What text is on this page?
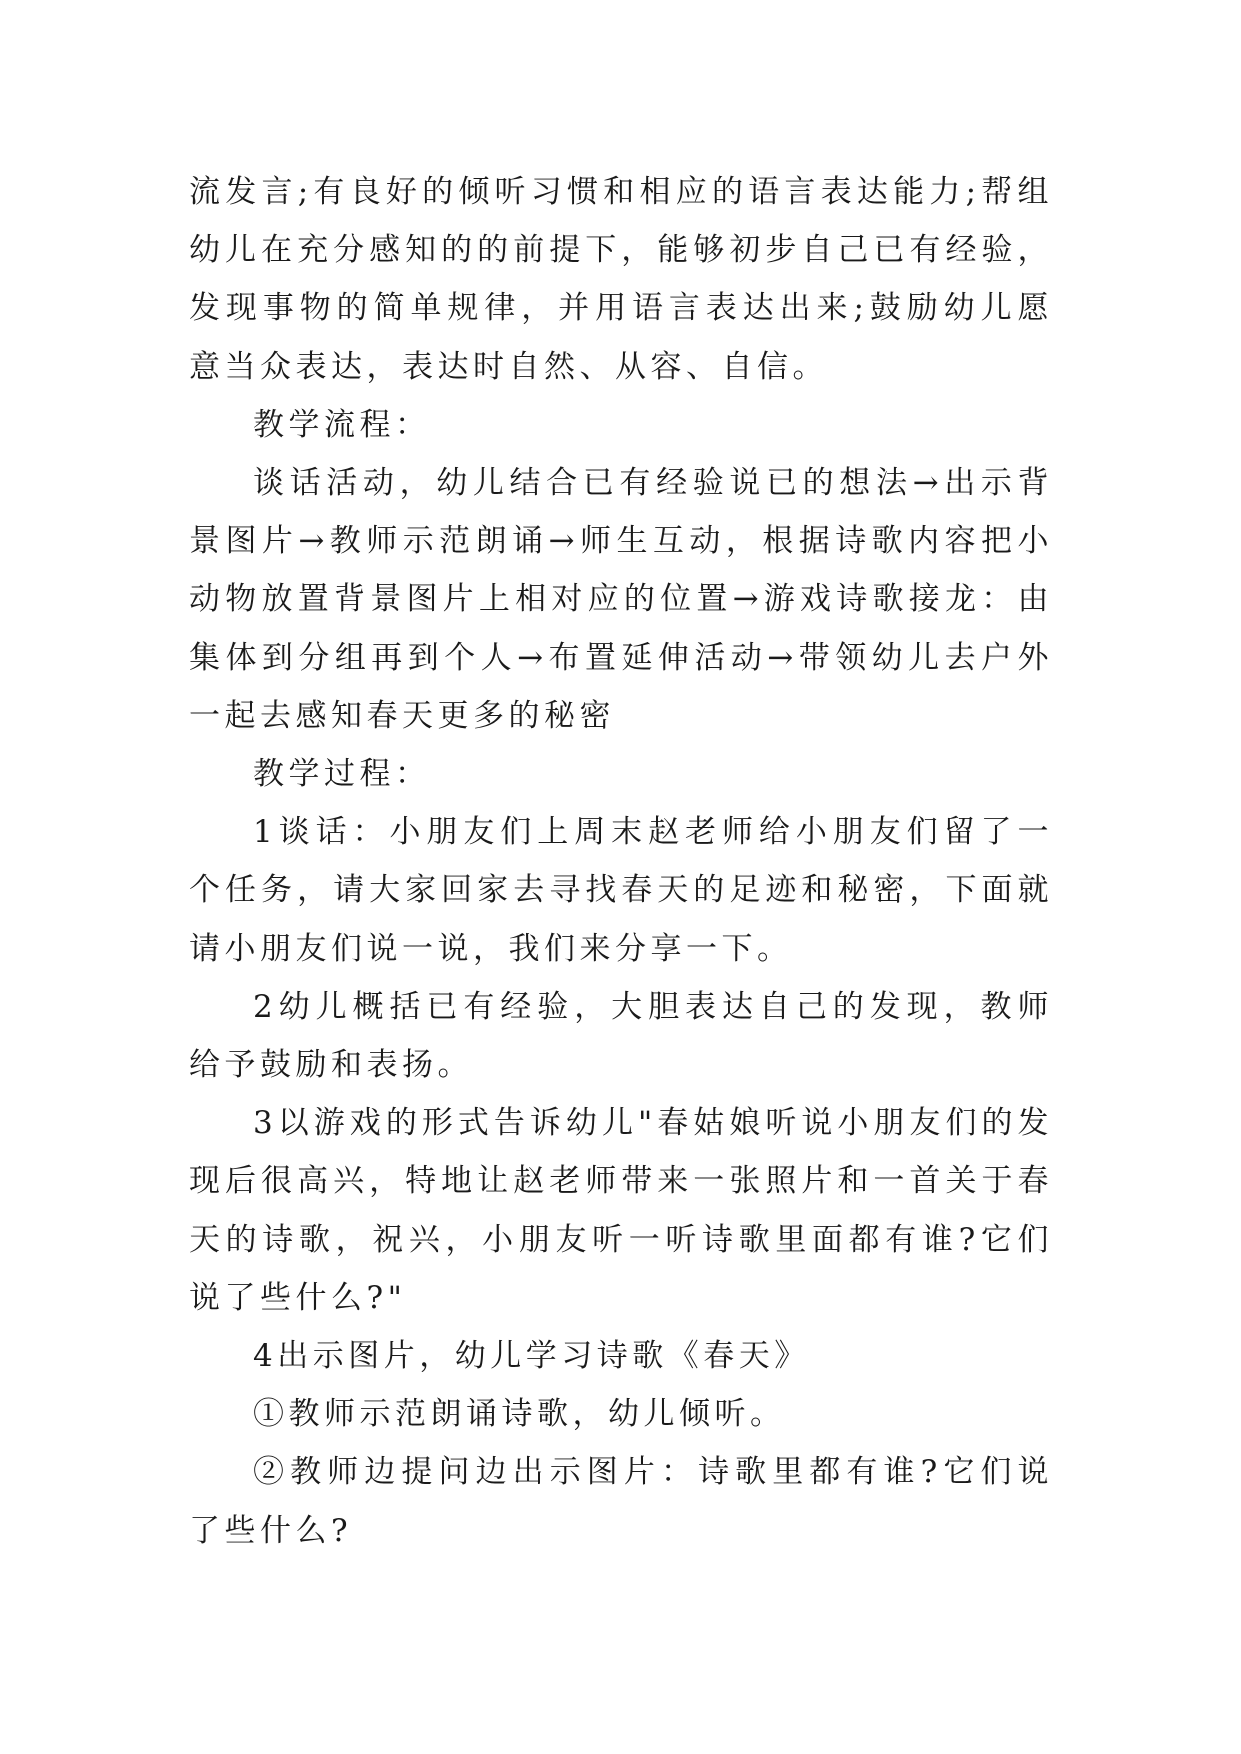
流发言;有良好的倾听习惯和相应的语言表达能力;帮组幼儿在充分感知的的前提下，能够初步自己已有经验，发现事物的简单规律，并用语言表达出来;鼓励幼儿愿意当众表达，表达时自然、从容、自信。

教学流程：

谈话活动，幼儿结合已有经验说已的想法→出示背景图片→教师示范朗诵→师生互动，根据诗歌内容把小动物放置背景图片上相对应的位置→游戏诗歌接龙：由集体到分组再到个人→布置延伸活动→带领幼儿去户外一起去感知春天更多的秘密

教学过程：

1谈话：小朋友们上周末赵老师给小朋友们留了一个任务，请大家回家去寻找春天的足迹和秘密，下面就请小朋友们说一说，我们来分享一下。

2幼儿概括已有经验，大胆表达自己的发现，教师给予鼓励和表扬。

3以游戏的形式告诉幼儿"春姑娘听说小朋友们的发现后很高兴，特地让赵老师带来一张照片和一首关于春天的诗歌，祝兴，小朋友听一听诗歌里面都有谁?它们说了些什么?"

4出示图片，幼儿学习诗歌《春天》

①教师示范朗诵诗歌，幼儿倾听。

②教师边提问边出示图片：诗歌里都有谁?它们说了些什么?
